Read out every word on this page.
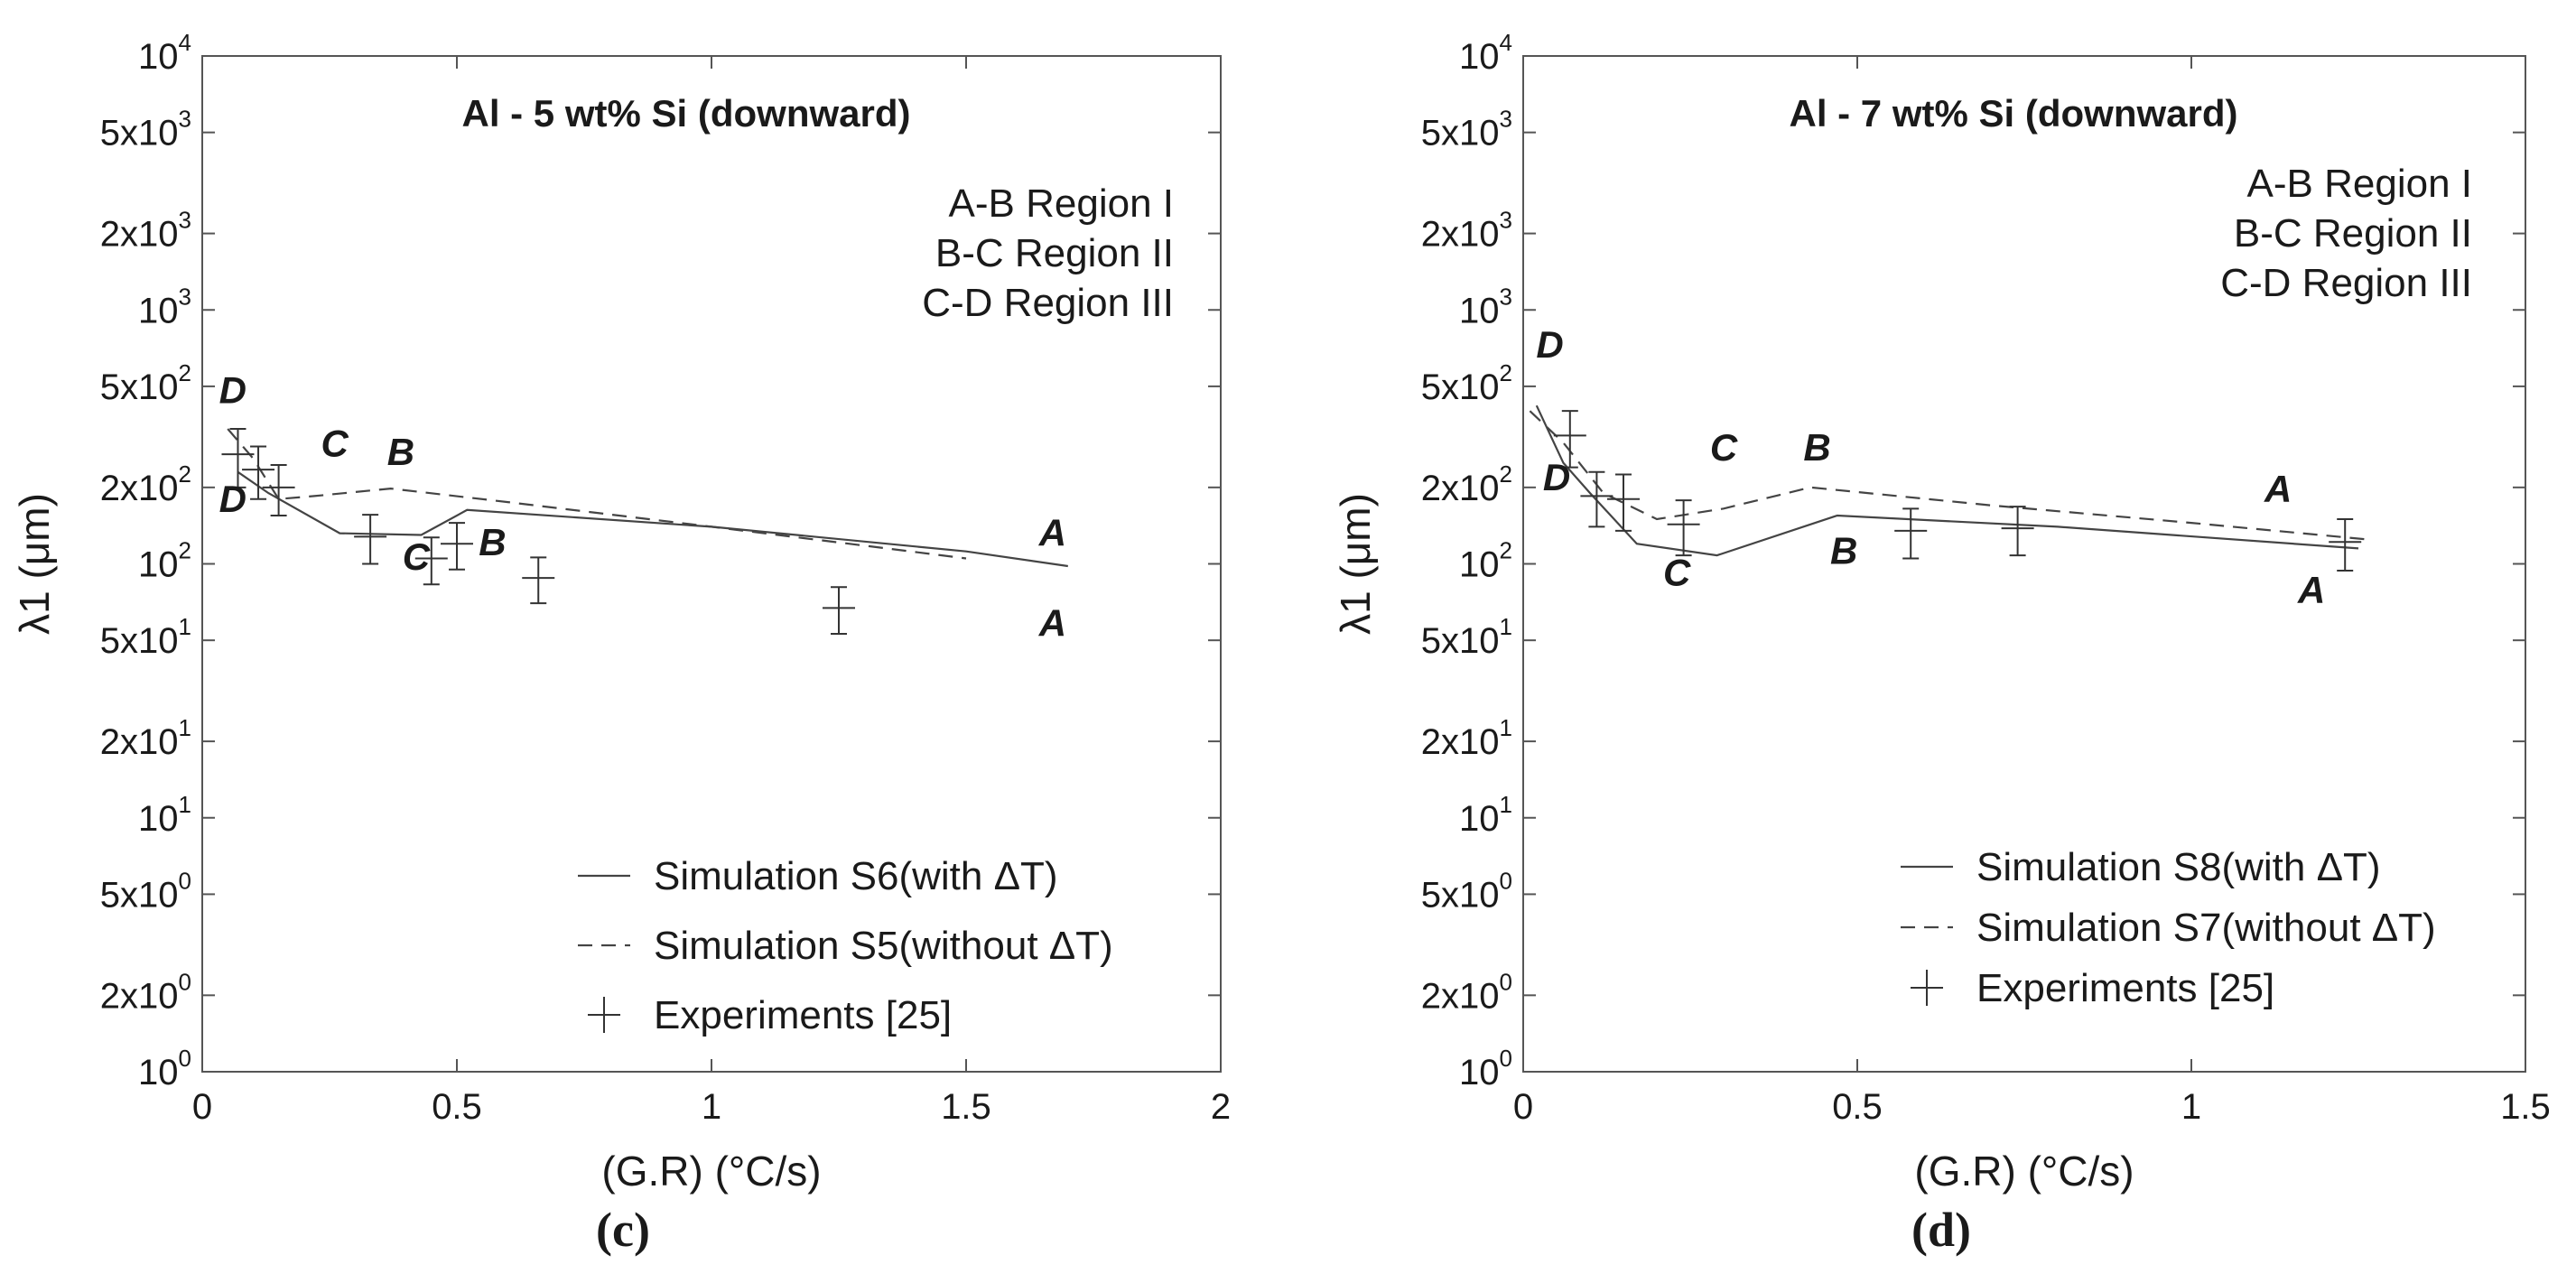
0	0.5	1	1.5	2
$10^0$
$2x10^0$
$5x10^0$
$10^1$
$2x10^1$
$5x10^1$
$10^2$
$2x10^2$
$5x10^2$
$10^3$
$2x10^3$
$5x10^3$
$10^4$
(G.R) (°C/s)
λ1 (μm)
Al - 5 wt% Si (downward)
A-B Region I
B-C Region II
C-D Region III
D
D
C B
C B	A
A
Simulation S6(with ΔT)
Simulation S5(without ΔT)
Experiments [25]
(c)
0	0.5	1	1.5
$10^0$
$2x10^0$
$5x10^0$
$10^1$
$2x10^1$
$5x10^1$
$10^2$
$2x10^2$
$5x10^2$
$10^3$
$2x10^3$
$5x10^3$
$10^4$
(G.R) (°C/s)
λ1 (μm)
Al - 7 wt% Si (downward)
A-B Region I
B-C Region II
C-D Region III
D
D
C B
C
B
A
A
Simulation S8(with ΔT)
Simulation S7(without ΔT)
Experiments [25]
(d)
